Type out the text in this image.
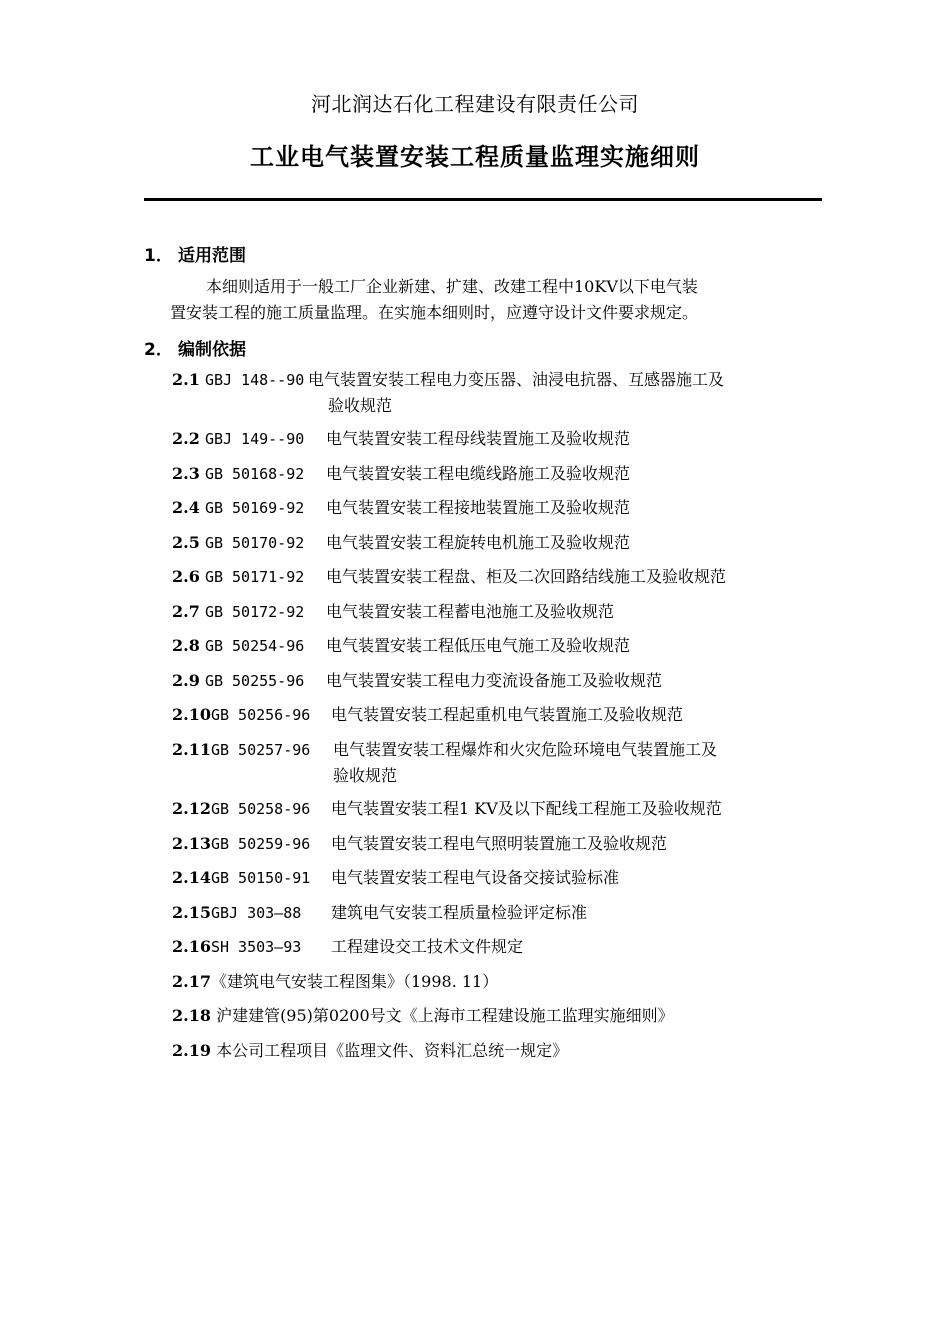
河北润达石化工程建设有限责任公司
工业电气装置安装工程质量监理实施细则
1． 适用范围
本细则适用于一般工厂企业新建、扩建、改建工程中10KV以下电气装
置安装工程的施工质量监理。在实施本细则时，应遵守设计文件要求规定。
2． 编制依据
2.1 GBJ 148--90 电气装置安装工程电力变压器、油浸电抗器、互感器施工及
验收规范
2.2 GBJ 149--90 电气装置安装工程母线装置施工及验收规范
2.3 GB 50168-92 电气装置安装工程电缆线路施工及验收规范
2.4 GB 50169-92 电气装置安装工程接地装置施工及验收规范
2.5 GB 50170-92 电气装置安装工程旋转电机施工及验收规范
2.6 GB 50171-92 电气装置安装工程盘、柜及二次回路结线施工及验收规范
2.7 GB 50172-92 电气装置安装工程蓄电池施工及验收规范
2.8 GB 50254-96 电气装置安装工程低压电气施工及验收规范
2.9 GB 50255-96 电气装置安装工程电力变流设备施工及验收规范
2.10GB 50256-96 电气装置安装工程起重机电气装置施工及验收规范
2.11GB 50257-96 电气装置安装工程爆炸和火灾危险环境电气装置施工及
验收规范
2.12GB 50258-96 电气装置安装工程1 KV及以下配线工程施工及验收规范
2.13GB 50259-96 电气装置安装工程电气照明装置施工及验收规范
2.14GB 50150-91 电气装置安装工程电气设备交接试验标准
2.15GBJ 303—88 建筑电气安装工程质量检验评定标准
2.16SH 3503—93 工程建设交工技术文件规定
2.17《建筑电气安装工程图集》（1998. 11）
2.18 沪建建管(95)第0200号文《上海市工程建设施工监理实施细则》
2.19 本公司工程项目《监理文件、资料汇总统一规定》
